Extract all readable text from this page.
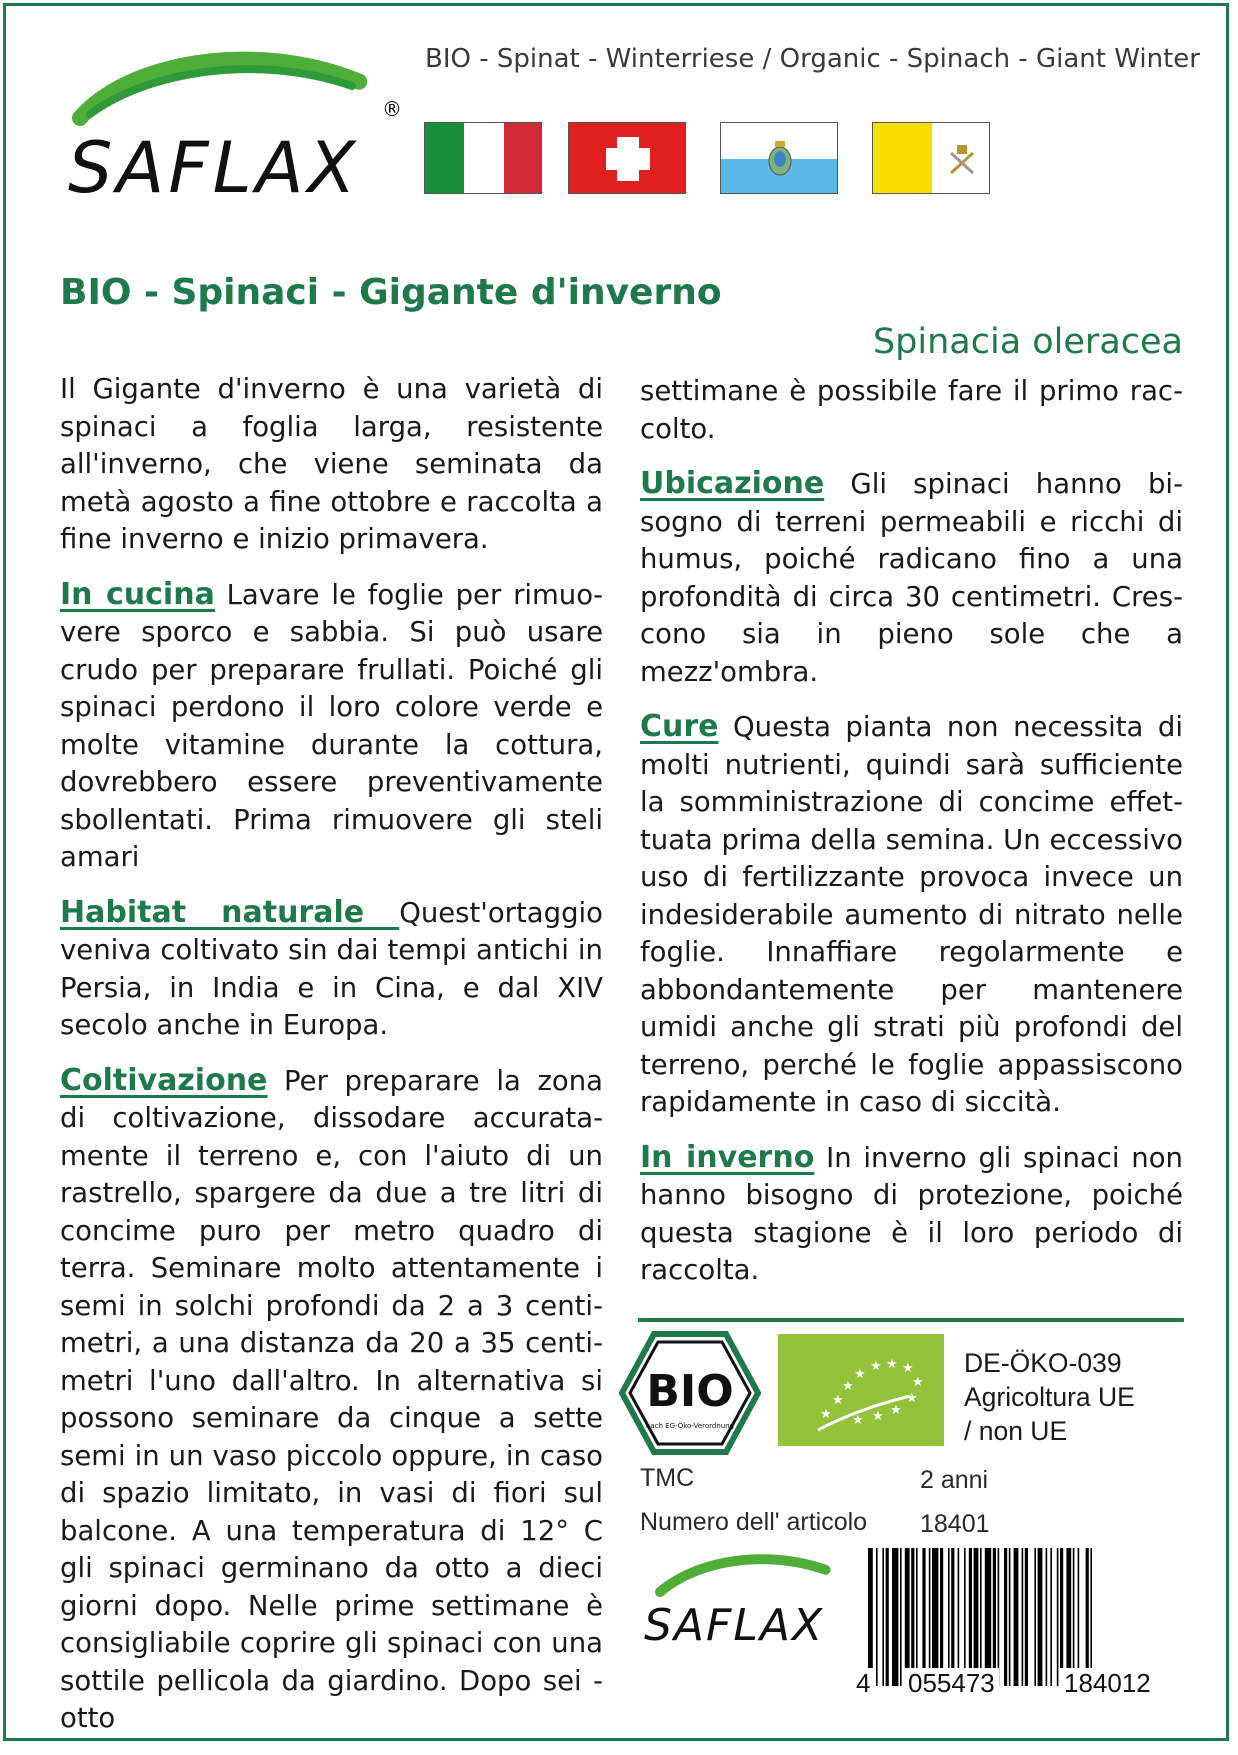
SAFLAX
®
BIO - Spinat - Winterriese / Organic - Spinach - Giant Winter
BIO - Spinaci - Gigante d'inverno
Spinacia oleracea

Il Gigante d'inverno è una varietà di spinaci a foglia larga, resistente all'inverno, che viene seminata da metà agosto a fine ottobre e raccolta a fine inverno e inizio primavera.

In cucina Lavare le foglie per rimuovere sporco e sabbia. Si può usare crudo per preparare frullati. Poiché gli spinaci perdono il loro colore verde e molte vitamine durante la cottura, dovrebbero essere preventivamente sbollentati. Prima rimuovere gli steli amari

Habitat naturale Quest'ortaggio veniva coltivato sin dai tempi antichi in Persia, in India e in Cina, e dal XIV secolo anche in Europa.

Coltivazione Per preparare la zona di coltivazione, dissodare accuratamente il terreno e, con l'aiuto di un rastrello, spargere da due a tre litri di concime puro per metro quadro di terra. Seminare molto attentamente i semi in solchi profondi da 2 a 3 centimetri, a una distanza da 20 a 35 centimetri l'uno dall'altro. In alternativa si possono seminare da cinque a sette semi in un vaso piccolo oppure, in caso di spazio limitato, in vasi di fiori sul balcone. A una temperatura di 12° C gli spinaci germinano da otto a dieci giorni dopo. Nelle prime settimane è consigliabile coprire gli spinaci con una sottile pellicola da giardino. Dopo sei - otto

settimane è possibile fare il primo raccolto.

Ubicazione Gli spinaci hanno bisogno di terreni permeabili e ricchi di humus, poiché radicano fino a una profondità di circa 30 centimetri. Crescono sia in pieno sole che a mezz'ombra.

Cure Questa pianta non necessita di molti nutrienti, quindi sarà sufficiente la somministrazione di concime effettuata prima della semina. Un eccessivo uso di fertilizzante provoca invece un indesiderabile aumento di nitrato nelle foglie. Innaffiare regolarmente e abbondantemente per mantenere umidi anche gli strati più profondi del terreno, perché le foglie appassiscono rapidamente in caso di siccità.

In inverno In inverno gli spinaci non hanno bisogno di protezione, poiché questa stagione è il loro periodo di raccolta.

BIO
nach EG-Öko-Verordnung
★
★
★
★
★ ★ ★
★
★
★
★
★
DE-ÖKO-039
Agricoltura UE
/ non UE
TMC	2 anni
Numero dell' articolo 18401
SAFLAX
4 055473	184012
